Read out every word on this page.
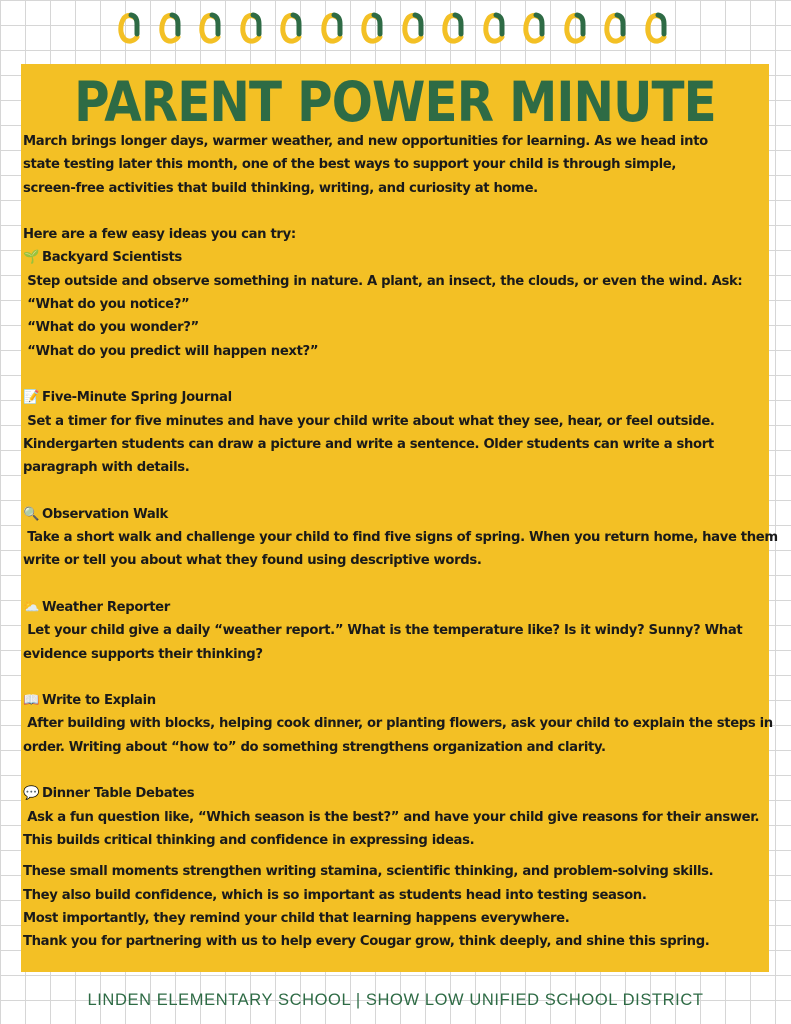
PARENT POWER MINUTE

March brings longer days, warmer weather, and new opportunities for learning. As we head into

state testing later this month, one of the best ways to support your child is through simple,

screen-free activities that build thinking, writing, and curiosity at home.

Here are a few easy ideas you can try:

🌱 Backyard Scientists

Step outside and observe something in nature. A plant, an insect, the clouds, or even the wind. Ask:

“What do you notice?”

“What do you wonder?”

“What do you predict will happen next?”

📝 Five-Minute Spring Journal

Set a timer for five minutes and have your child write about what they see, hear, or feel outside.

Kindergarten students can draw a picture and write a sentence. Older students can write a short

paragraph with details.

🔍 Observation Walk

Take a short walk and challenge your child to find five signs of spring. When you return home, have them

write or tell you about what they found using descriptive words.

⛅ Weather Reporter

Let your child give a daily “weather report.” What is the temperature like? Is it windy? Sunny? What

evidence supports their thinking?

📖 Write to Explain

After building with blocks, helping cook dinner, or planting flowers, ask your child to explain the steps in

order. Writing about “how to” do something strengthens organization and clarity.

💬 Dinner Table Debates

Ask a fun question like, “Which season is the best?” and have your child give reasons for their answer.

This builds critical thinking and confidence in expressing ideas.

These small moments strengthen writing stamina, scientific thinking, and problem-solving skills.

They also build confidence, which is so important as students head into testing season.

Most importantly, they remind your child that learning happens everywhere.

Thank you for partnering with us to help every Cougar grow, think deeply, and shine this spring.

LINDEN ELEMENTARY SCHOOL | SHOW LOW UNIFIED SCHOOL DISTRICT
